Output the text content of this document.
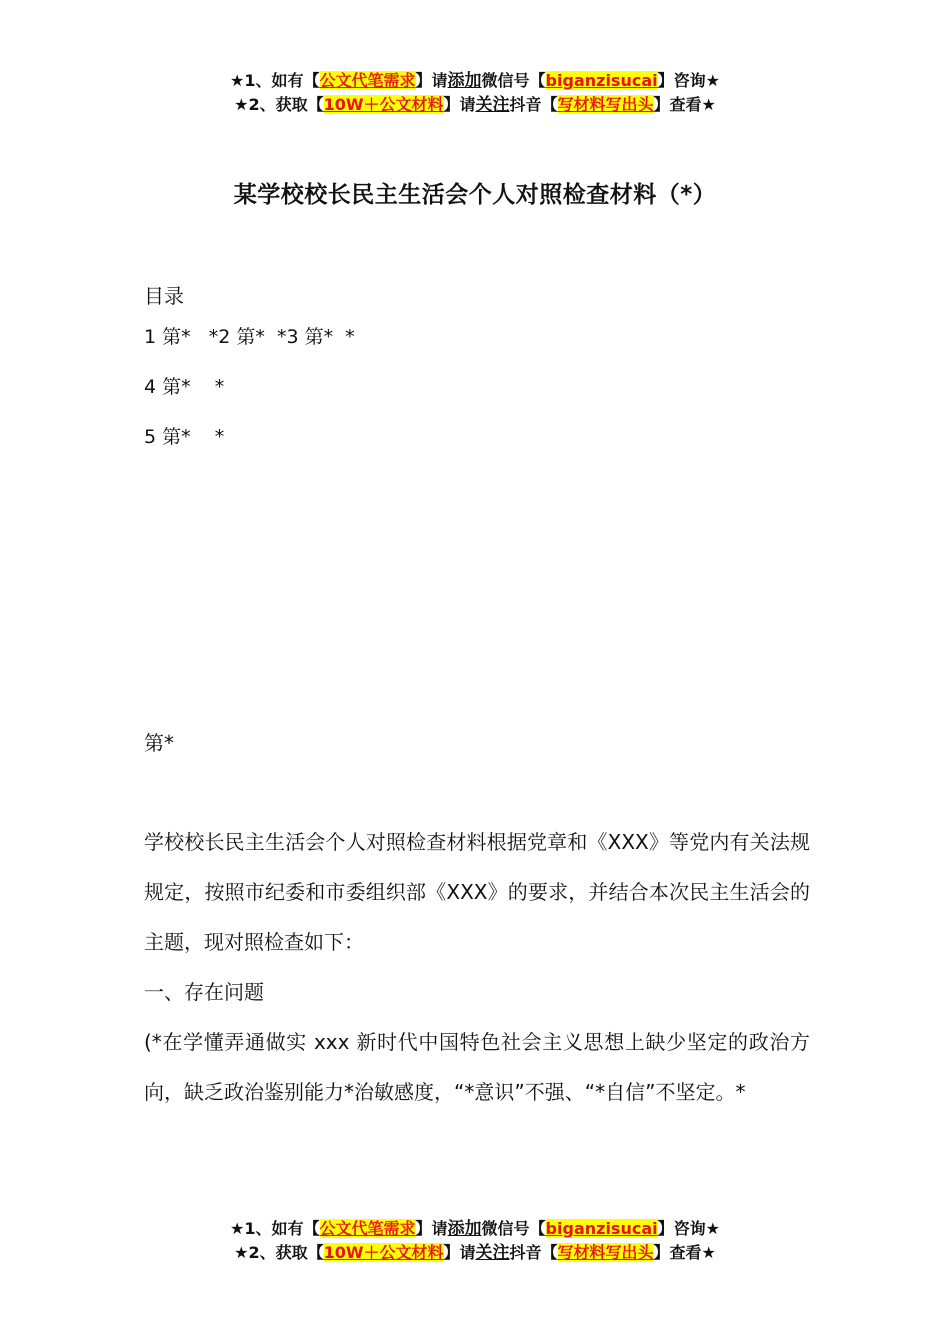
★1、如有【公文代笔需求】请添加微信号【biganzisucai】咨询★
★2、获取【10W＋公文材料】请关注抖音【写材料写出头】查看★
某学校校长民主生活会个人对照检查材料（*）
目录
1 第*   *2 第*  *3 第*  *
4 第*    *
5 第*    *
第*

学校校长民主生活会个人对照检查材料根据党章和《XXX》等党内有关法规规定，按照市纪委和市委组织部《XXX》的要求，并结合本次民主生活会的主题，现对照检查如下：

一、存在问题

(*在学懂弄通做实 xxx 新时代中国特色社会主义思想上缺少坚定的政治方向，缺乏政治鉴别能力*治敏感度，“*意识”不强、“*自信”不坚定。*

★1、如有【公文代笔需求】请添加微信号【biganzisucai】咨询★
★2、获取【10W＋公文材料】请关注抖音【写材料写出头】查看★
